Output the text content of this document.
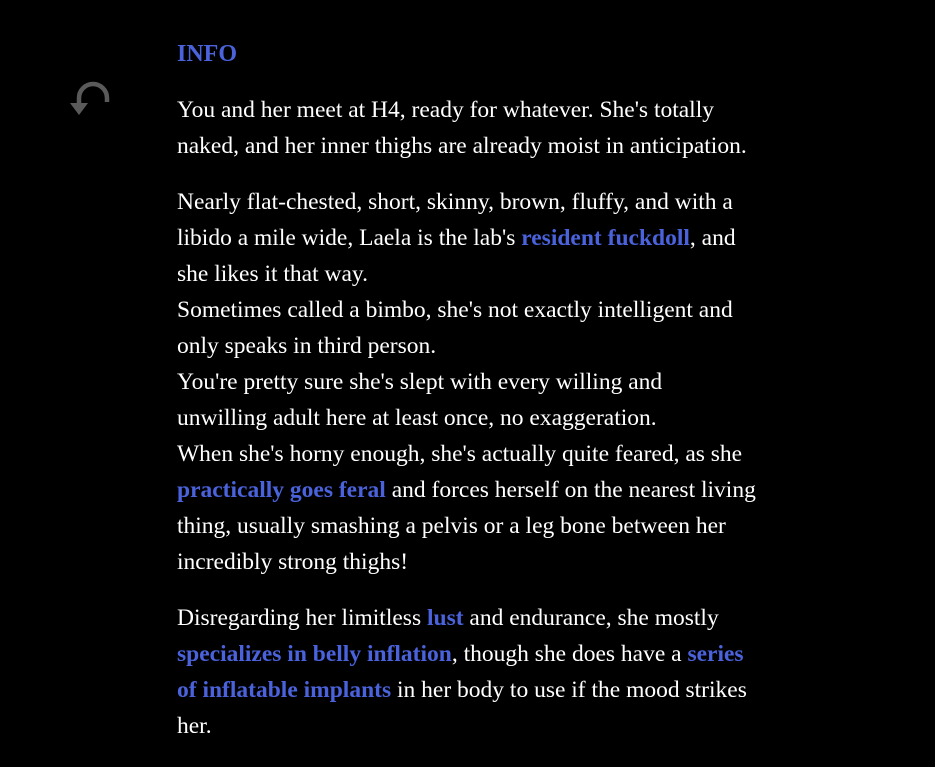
INFO

You and her meet at H4, ready for whatever. She's totally naked, and her inner thighs are already moist in anticipation.

Nearly flat-chested, short, skinny, brown, fluffy, and with a libido a mile wide, Laela is the lab's resident fuckdoll, and she likes it that way.
Sometimes called a bimbo, she's not exactly intelligent and only speaks in third person.
You're pretty sure she's slept with every willing and unwilling adult here at least once, no exaggeration.
When she's horny enough, she's actually quite feared, as she practically goes feral and forces herself on the nearest living thing, usually smashing a pelvis or a leg bone between her incredibly strong thighs!

Disregarding her limitless lust and endurance, she mostly specializes in belly inflation, though she does have a series of inflatable implants in her body to use if the mood strikes her.
